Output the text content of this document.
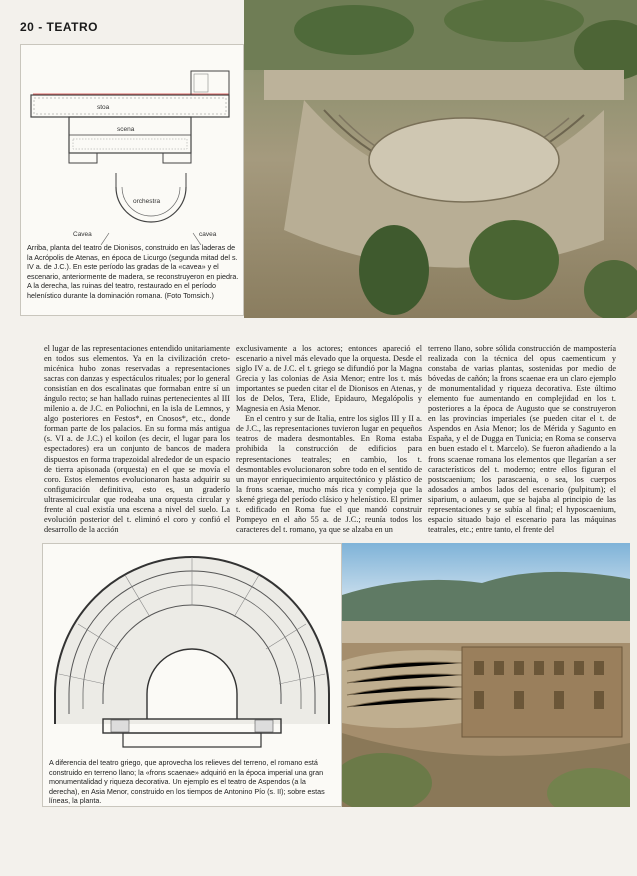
20 - TEATRO
stoa
scena
orchestra
Cavea	cavea
Arriba, planta del teatro de Dionisos, construido en las laderas de la Acrópolis de Atenas, en época de Licurgo (segunda mitad del s. IV a. de J.C.). En este período las gradas de la «cavea» y el escenario, anteriormente de madera, se reconstruyeron en piedra. A la derecha, las ruinas del teatro, restaurado en el período helenístico durante la dominación romana. (Foto Tomsich.)

el lugar de las representaciones entendido unitariamente en todos sus elementos. Ya en la civilización creto-micénica hubo zonas reservadas a representaciones sacras con danzas y espectáculos rituales; por lo general consistían en dos escalinatas que formaban entre sí un ángulo recto; se han hallado ruinas pertenecientes al III milenio a. de J.C. en Poliochni, en la isla de Lemnos, y algo posteriores en Festos*, en Cnosos*, etc., donde forman parte de los palacios. En su forma más antigua (s. VI a. de J.C.) el koilon (es decir, el lugar para los espectadores) era un conjunto de bancos de madera dispuestos en forma trapezoidal alrededor de un espacio de tierra apisonada (orquesta) en el que se movía el coro. Estos elementos evolucionaron hasta adquirir su configuración definitiva, esto es, un graderío ultrasemicircular que rodeaba una orquesta circular y frente al cual existía una escena a nivel del suelo. La evolución posterior del t. eliminó el coro y confió el desarrollo de la acción

exclusivamente a los actores; entonces apareció el escenario a nivel más elevado que la orquesta. Desde el siglo IV a. de J.C. el t. griego se difundió por la Magna Grecia y las colonias de Asia Menor; entre los t. más importantes se pueden citar el de Dionisos en Atenas, y los de Delos, Tera, Elide, Epidauro, Megalópolis y Magnesia en Asia Menor.

En el centro y sur de Italia, entre los siglos III y II a. de J.C., las representaciones tuvieron lugar en pequeños teatros de madera desmontables. En Roma estaba prohibida la construcción de edificios para representaciones teatrales; en cambio, los t. desmontables evolucionaron sobre todo en el sentido de un mayor enriquecimiento arquitectónico y plástico de la frons scaenae, mucho más rica y compleja que la skené griega del período clásico y helenístico. El primer t. edificado en Roma fue el que mandó construir Pompeyo en el año 55 a. de J.C.; reunía todos los caracteres del t. romano, ya que se alzaba en un

terreno llano, sobre sólida construcción de mampostería realizada con la técnica del opus caementicum y constaba de varias plantas, sostenidas por medio de bóvedas de cañón; la frons scaenae era un claro ejemplo de monumentalidad y riqueza decorativa. Este último elemento fue aumentando en complejidad en los t. posteriores a la época de Augusto que se construyeron en las provincias imperiales (se pueden citar el t. de Aspendos en Asia Menor; los de Mérida y Sagunto en España, y el de Dugga en Tunicia; en Roma se conserva en buen estado el t. Marcelo). Se fueron añadiendo a la frons scaenae romana los elementos que llegarían a ser característicos del t. moderno; entre ellos figuran el postscaenium; los parascaenia, o sea, los cuerpos adosados a ambos lados del escenario (pulpitum); el siparium, o aulaeum, que se bajaba al principio de las representaciones y se subía al final; el hyposcaenium, espacio situado bajo el escenario para las máquinas teatrales, etc.; entre tanto, el frente del

A diferencia del teatro griego, que aprovecha los relieves del terreno, el romano está construido en terreno llano; la «frons scaenae» adquirió en la época imperial una gran monumentalidad y riqueza decorativa. Un ejemplo es el teatro de Aspendos (a la derecha), en Asia Menor, construido en los tiempos de Antonino Pío (s. II); sobre estas líneas, la planta.
